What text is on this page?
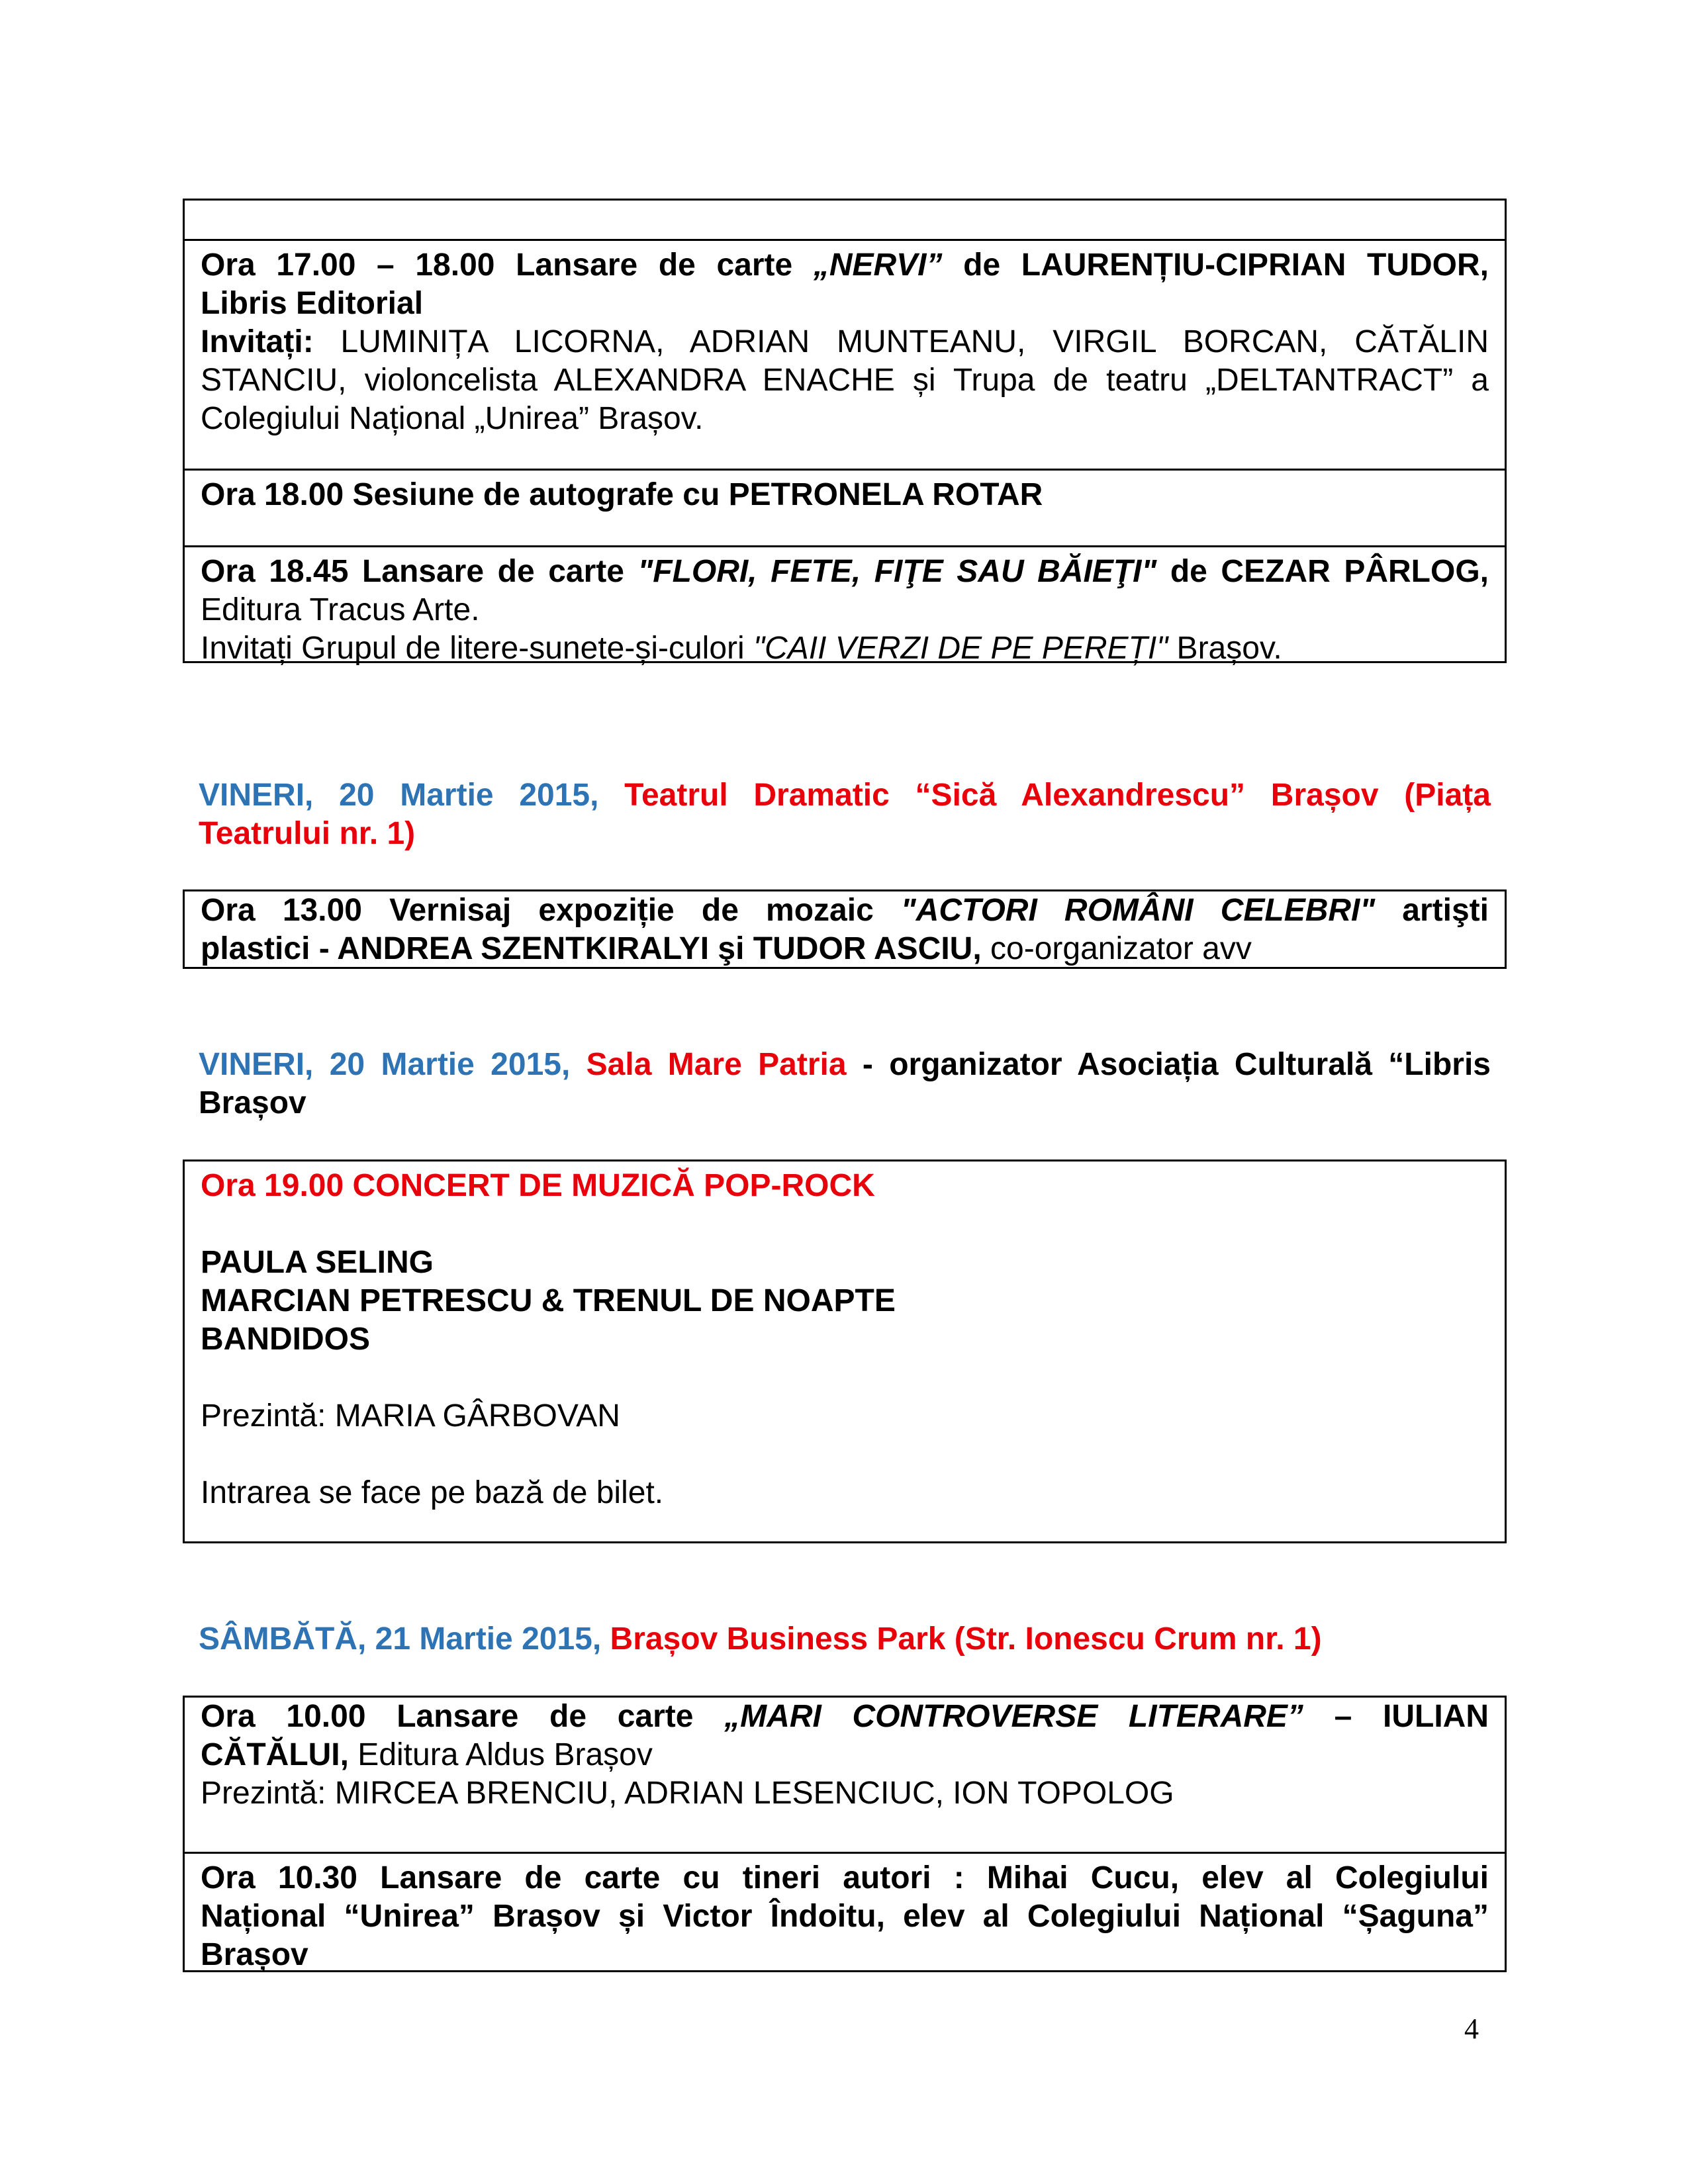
Ora 17.00 – 18.00 Lansare de carte „NERVI” de LAURENȚIU-CIPRIAN TUDOR,
Libris Editorial
Invitați: LUMINIȚA LICORNA, ADRIAN MUNTEANU, VIRGIL BORCAN, CĂTĂLIN
STANCIU, violoncelista ALEXANDRA ENACHE și Trupa de teatru „DELTANTRACT” a
Colegiului Național „Unirea” Brașov.
Ora 18.00 Sesiune de autografe cu PETRONELA ROTAR
Ora 18.45 Lansare de carte "FLORI, FETE, FIŢE SAU BĂIEŢI" de CEZAR PÂRLOG,
Editura Tracus Arte.
Invitați Grupul de litere-sunete-și-culori "CAII VERZI DE PE PEREȚI" Brașov.
VINERI, 20 Martie 2015, Teatrul Dramatic “Sică Alexandrescu” Brașov (Piața
Teatrului nr. 1)
Ora 13.00 Vernisaj expoziție de mozaic "ACTORI ROMÂNI CELEBRI" artişti
plastici - ANDREA SZENTKIRALYI şi TUDOR ASCIU, co-organizator avv
VINERI, 20 Martie 2015, Sala Mare Patria - organizator Asociația Culturală “Libris
Brașov
Ora 19.00 CONCERT DE MUZICĂ POP-ROCK
PAULA SELING
MARCIAN PETRESCU & TRENUL DE NOAPTE
BANDIDOS
Prezintă: MARIA GÂRBOVAN
Intrarea se face pe bază de bilet.
SÂMBĂTĂ, 21 Martie 2015, Brașov Business Park (Str. Ionescu Crum nr. 1)
Ora 10.00 Lansare de carte „MARI CONTROVERSE LITERARE” – IULIAN
CĂTĂLUI, Editura Aldus Brașov
Prezintă: MIRCEA BRENCIU, ADRIAN LESENCIUC, ION TOPOLOG
Ora 10.30 Lansare de carte cu tineri autori : Mihai Cucu, elev al Colegiului
Național “Unirea” Brașov și Victor Îndoitu, elev al Colegiului Național “Șaguna”
Brașov
4
